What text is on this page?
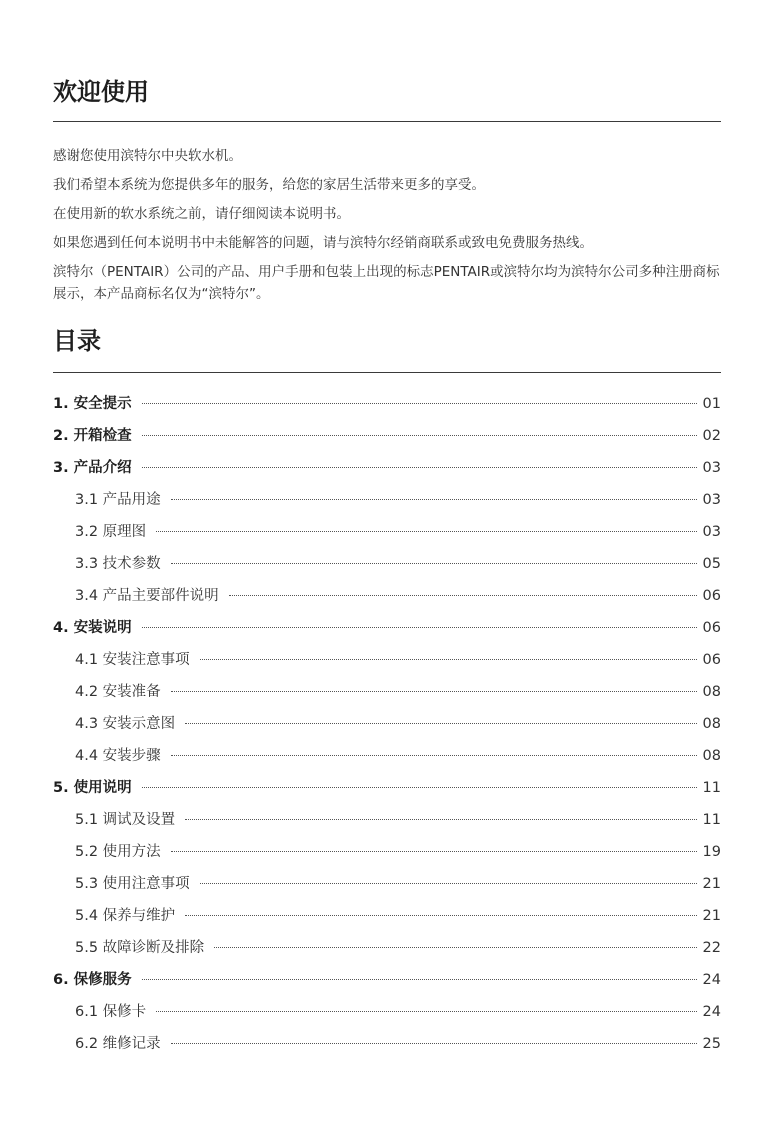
欢迎使用

感谢您使用滨特尔中央软水机。

我们希望本系统为您提供多年的服务，给您的家居生活带来更多的享受。

在使用新的软水系统之前，请仔细阅读本说明书。

如果您遇到任何本说明书中未能解答的问题，请与滨特尔经销商联系或致电免费服务热线。

滨特尔（PENTAIR）公司的产品、用户手册和包装上出现的标志PENTAIR或滨特尔均为滨特尔公司多种注册商标展示，本产品商标名仅为“滨特尔”。

目录
1. 安全提示	01
2. 开箱检查	02
3. 产品介绍	03
3.1 产品用途	03
3.2 原理图	03
3.3 技术参数	05
3.4 产品主要部件说明	06
4. 安装说明	06
4.1 安装注意事项	06
4.2 安装准备	08
4.3 安装示意图	08
4.4 安装步骤	08
5. 使用说明	11
5.1 调试及设置	11
5.2 使用方法	19
5.3 使用注意事项	21
5.4 保养与维护	21
5.5 故障诊断及排除	22
6. 保修服务	24
6.1 保修卡	24
6.2 维修记录	25
